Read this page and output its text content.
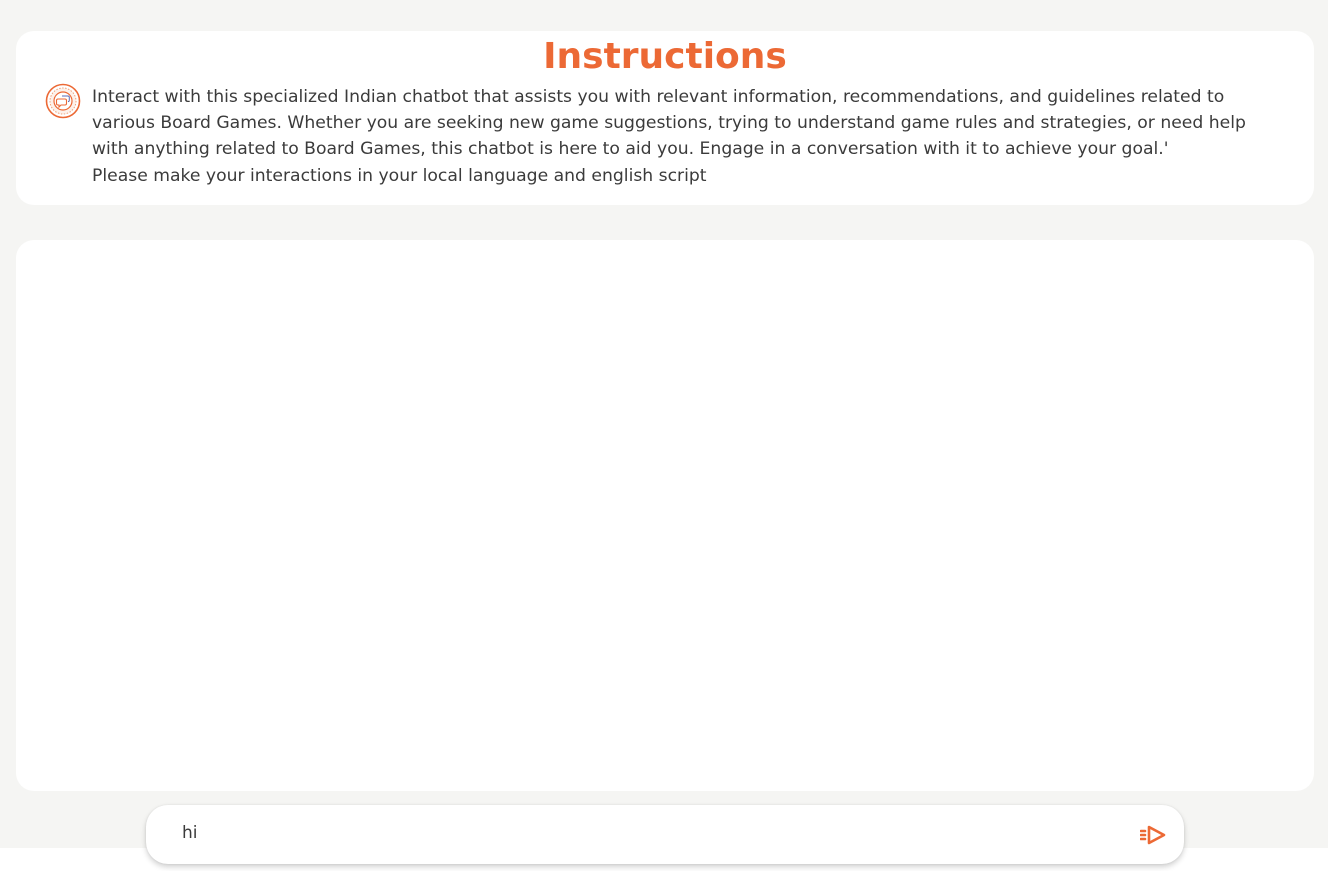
Instructions

Interact with this specialized Indian chatbot that assists you with relevant information, recommendations, and guidelines related to
various Board Games. Whether you are seeking new game suggestions, trying to understand game rules and strategies, or need help
with anything related to Board Games, this chatbot is here to aid you. Engage in a conversation with it to achieve your goal.'
Please make your interactions in your local language and english script

hi
